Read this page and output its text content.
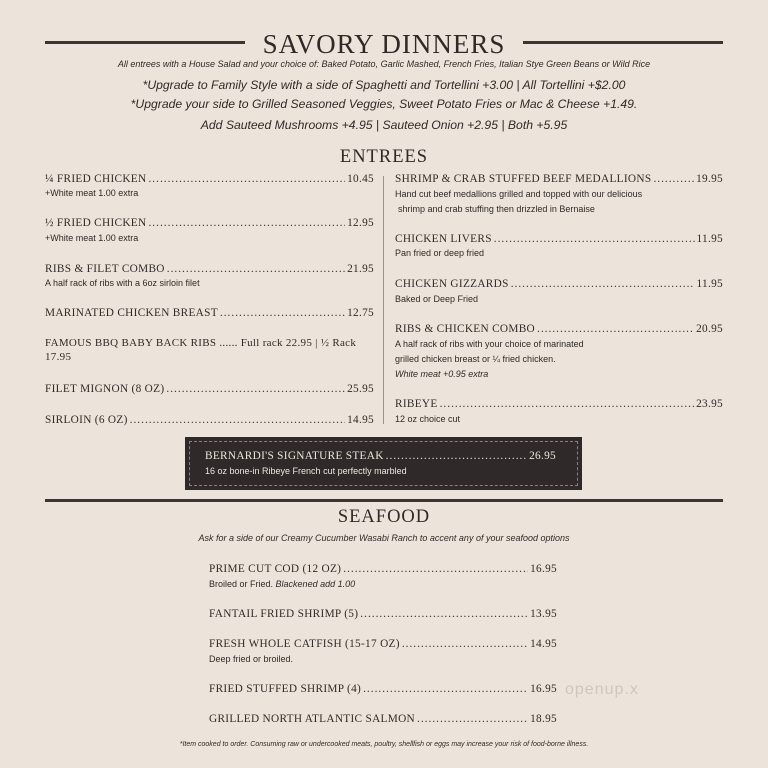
SAVORY DINNERS
All entrees with a House Salad and your choice of: Baked Potato, Garlic Mashed, French Fries, Italian Stye Green Beans or Wild Rice
*Upgrade to Family Style with a side of Spaghetti and Tortellini +3.00 | All Tortellini +$2.00
*Upgrade your side to Grilled Seasoned Veggies, Sweet Potato Fries or Mac & Cheese +1.49.
Add Sauteed Mushrooms +4.95 | Sauteed Onion +2.95 | Both +5.95
ENTREES
¼ FRIED CHICKEN .....	10.45
+White meat 1.00 extra
½ FRIED CHICKEN .....	12.95
+White meat 1.00 extra
RIBS & FILET COMBO .....	21.95
A half rack of ribs with a 6oz sirloin filet
MARINATED CHICKEN BREAST .....	12.75
FAMOUS BBQ BABY BACK RIBS ...... Full rack 22.95 | ½ Rack 17.95
FILET MIGNON (8 OZ) .....	25.95
SIRLOIN (6 OZ) .....	14.95
SHRIMP & CRAB STUFFED BEEF MEDALLIONS .....	19.95
Hand cut beef medallions grilled and topped with our delicious
shrimp and crab stuffing then drizzled in Bernaise
CHICKEN LIVERS .....	11.95
Pan fried or deep fried
CHICKEN GIZZARDS .....	11.95
Baked or Deep Fried
RIBS & CHICKEN COMBO .....	20.95
A half rack of ribs with your choice of marinated
grilled chicken breast or ¼ fried chicken.
White meat +0.95 extra
RIBEYE .....	23.95
12 oz choice cut
BERNARDI'S SIGNATURE STEAK .....	26.95
16 oz bone-in Ribeye French cut perfectly marbled
SEAFOOD
Ask for a side of our Creamy Cucumber Wasabi Ranch to accent any of your seafood options
PRIME CUT COD (12 OZ) .....	16.95
Broiled or Fried. Blackened add 1.00
FANTAIL FRIED SHRIMP (5) .....	13.95
FRESH WHOLE CATFISH (15-17 OZ) .....	14.95
Deep fried or broiled.
FRIED STUFFED SHRIMP (4) .....	16.95
GRILLED NORTH ATLANTIC SALMON .....	18.95
openup.x
*Item cooked to order. Consuming raw or undercooked meats, poultry, shellfish or eggs may increase your risk of food-borne illness.
